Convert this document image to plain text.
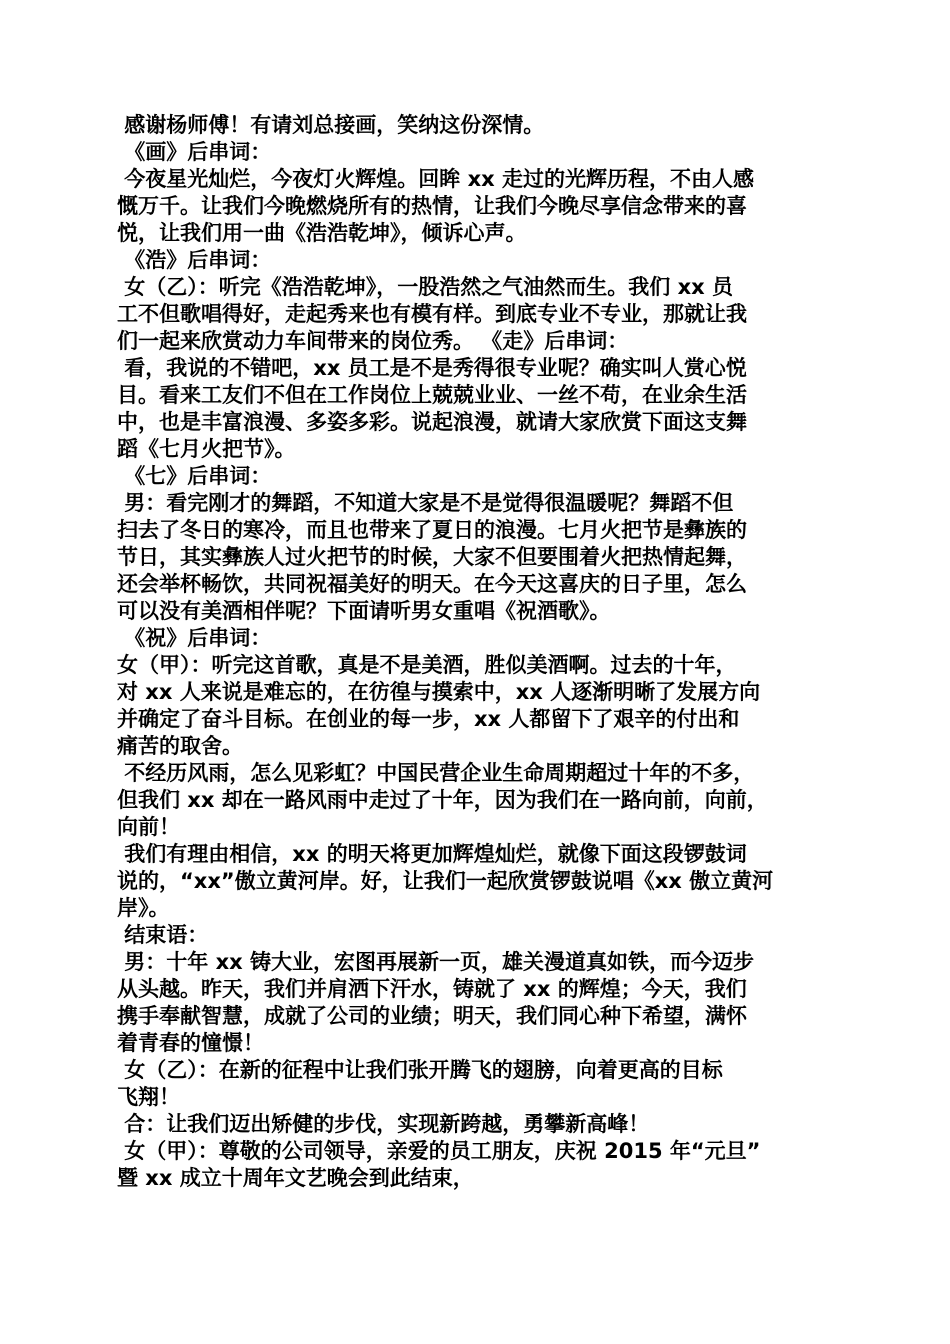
感谢杨师傅！有请刘总接画，笑纳这份深情。
《画》后串词：
今夜星光灿烂，今夜灯火辉煌。回眸 xx 走过的光辉历程，不由人感
慨万千。让我们今晚燃烧所有的热情，让我们今晚尽享信念带来的喜
悦，让我们用一曲《浩浩乾坤》，倾诉心声。
《浩》后串词：
女（乙）：听完《浩浩乾坤》，一股浩然之气油然而生。我们 xx 员
工不但歌唱得好，走起秀来也有模有样。到底专业不专业，那就让我
们一起来欣赏动力车间带来的岗位秀。 《走》后串词：
看，我说的不错吧，xx 员工是不是秀得很专业呢？确实叫人赏心悦
目。看来工友们不但在工作岗位上兢兢业业、一丝不苟，在业余生活
中，也是丰富浪漫、多姿多彩。说起浪漫，就请大家欣赏下面这支舞
蹈《七月火把节》。
《七》后串词：
男：看完刚才的舞蹈，不知道大家是不是觉得很温暖呢？舞蹈不但
扫去了冬日的寒冷，而且也带来了夏日的浪漫。七月火把节是彝族的
节日，其实彝族人过火把节的时候，大家不但要围着火把热情起舞，
还会举杯畅饮，共同祝福美好的明天。在今天这喜庆的日子里，怎么
可以没有美酒相伴呢？下面请听男女重唱《祝酒歌》。
《祝》后串词：
女（甲）：听完这首歌，真是不是美酒，胜似美酒啊。过去的十年，
对 xx 人来说是难忘的，在彷徨与摸索中，xx 人逐渐明晰了发展方向
并确定了奋斗目标。在创业的每一步，xx 人都留下了艰辛的付出和
痛苦的取舍。
不经历风雨，怎么见彩虹？中国民营企业生命周期超过十年的不多，
但我们 xx 却在一路风雨中走过了十年，因为我们在一路向前，向前，
向前！
我们有理由相信，xx 的明天将更加辉煌灿烂，就像下面这段锣鼓词
说的，“xx”傲立黄河岸。好，让我们一起欣赏锣鼓说唱《xx 傲立黄河
岸》。
结束语：
男：十年 xx 铸大业，宏图再展新一页，雄关漫道真如铁，而今迈步
从头越。昨天，我们并肩洒下汗水，铸就了 xx 的辉煌；今天，我们
携手奉献智慧，成就了公司的业绩；明天，我们同心种下希望，满怀
着青春的憧憬！
女（乙）：在新的征程中让我们张开腾飞的翅膀，向着更高的目标
飞翔！
合：让我们迈出矫健的步伐，实现新跨越，勇攀新高峰！
女（甲）：尊敬的公司领导，亲爱的员工朋友，庆祝 2015 年“元旦”
暨 xx 成立十周年文艺晚会到此结束，
